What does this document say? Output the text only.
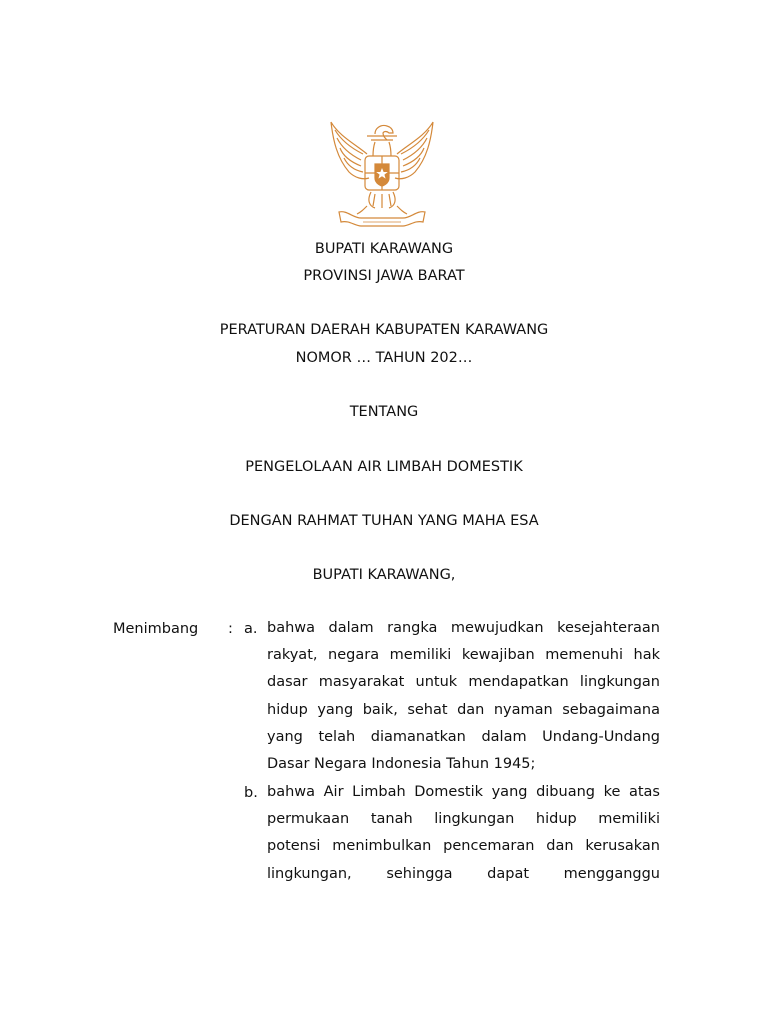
BUPATI KARAWANG
PROVINSI JAWA BARAT
PERATURAN DAERAH KABUPATEN KARAWANG
NOMOR … TAHUN 202…
TENTANG
PENGELOLAAN AIR LIMBAH DOMESTIK
DENGAN RAHMAT TUHAN YANG MAHA ESA
BUPATI KARAWANG,
Menimbang : a. bahwa dalam rangka mewujudkan kesejahteraan
rakyat, negara memiliki kewajiban memenuhi hak
dasar masyarakat untuk mendapatkan lingkungan
hidup yang baik, sehat dan nyaman sebagaimana
yang telah diamanatkan dalam Undang-Undang
Dasar Negara Indonesia Tahun 1945;
b. bahwa Air Limbah Domestik yang dibuang ke atas
permukaan tanah lingkungan hidup memiliki
potensi menimbulkan pencemaran dan kerusakan
lingkungan, sehingga dapat mengganggu
